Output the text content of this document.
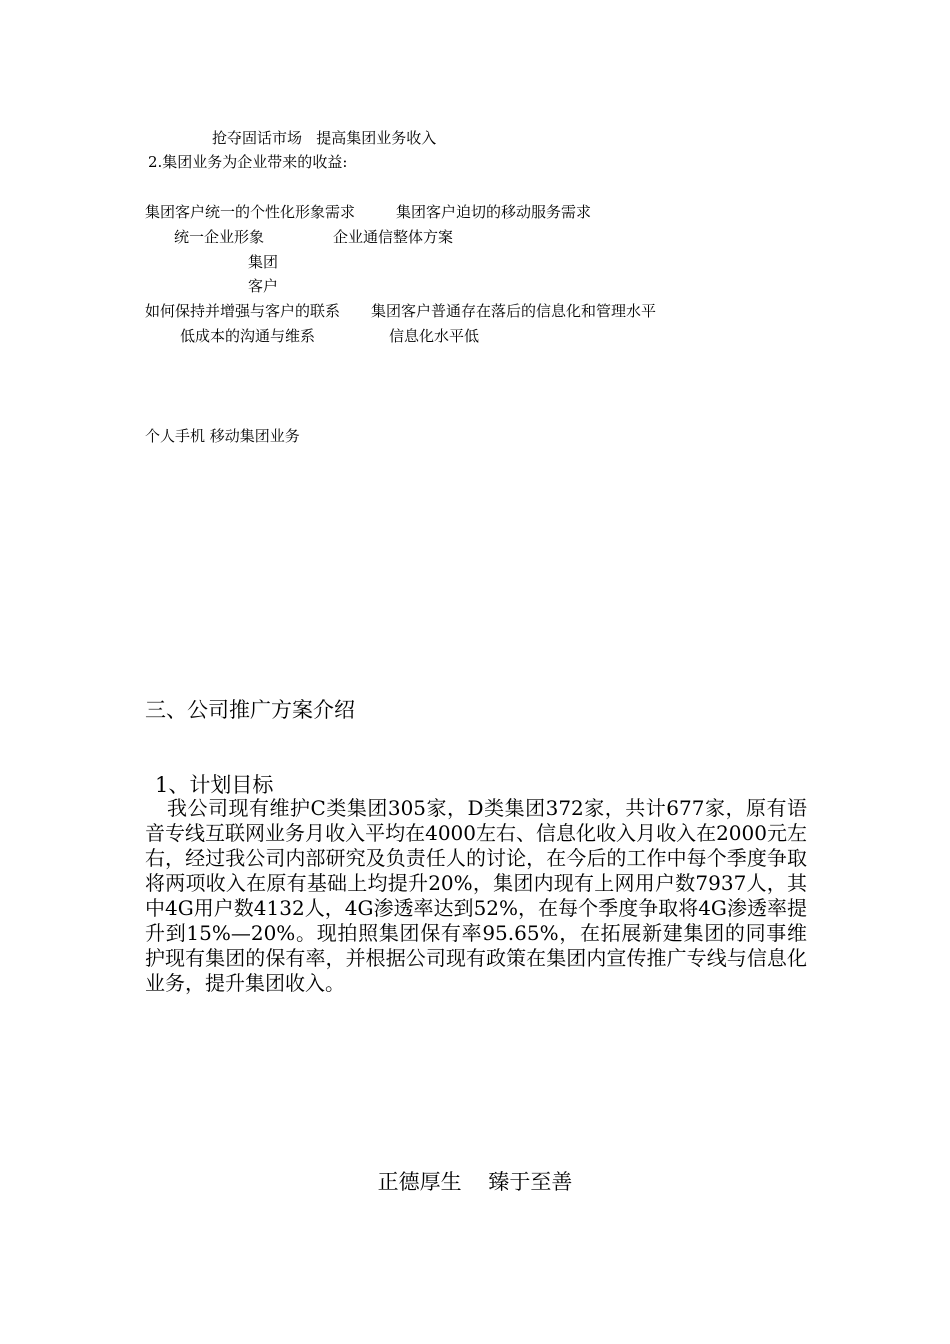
抢夺固话市场   提高集团业务收入
2.集团业务为企业带来的收益:
集团客户统一的个性化形象需求	集团客户迫切的移动服务需求
统一企业形象	企业通信整体方案
集团
客户
如何保持并增强与客户的联系 集团客户普通存在落后的信息化和管理水平
低成本的沟通与维系	信息化水平低
个人手机 移动集团业务
三、公司推广方案介绍
1、计划目标
我公司现有维护C类集团305家，D类集团372家，共计677家，原有语音专线互联网业务月收入平均在4000左右、信息化收入月收入在2000元左右，经过我公司内部研究及负责任人的讨论，在今后的工作中每个季度争取将两项收入在原有基础上均提升20%，集团内现有上网用户数7937人，其中4G用户数4132人，4G渗透率达到52%，在每个季度争取将4G渗透率提升到15%—20%。现拍照集团保有率95.65%，在拓展新建集团的同事维护现有集团的保有率，并根据公司现有政策在集团内宣传推广专线与信息化业务，提升集团收入。
正德厚生    臻于至善
